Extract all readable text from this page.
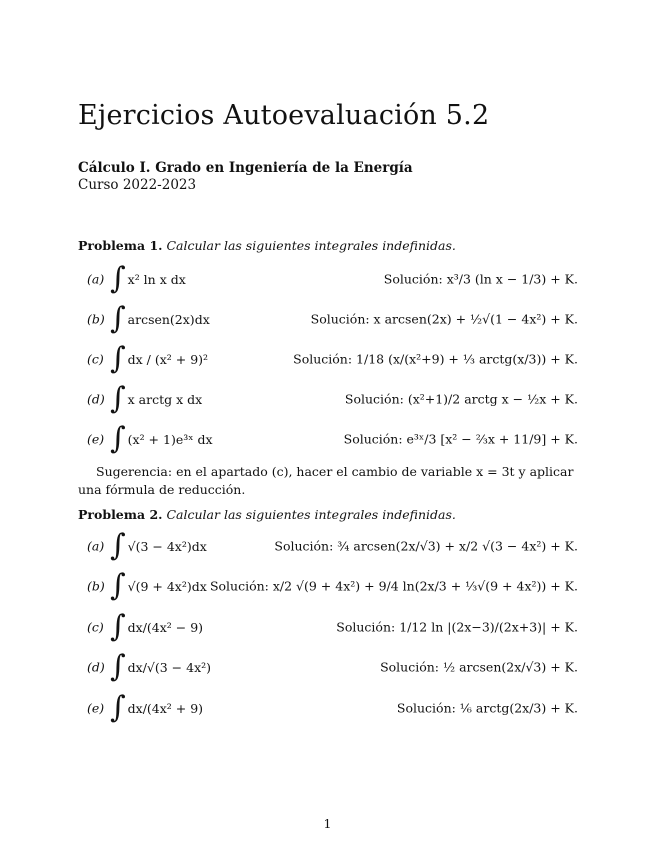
Ejercicios Autoevaluación 5.2
Cálculo I. Grado en Ingeniería de la Energía
Curso 2022-2023
Problema 1. Calcular las siguientes integrales indefinidas.
(a) ∫ x² ln x dx	Solución: x³/3 (ln x − 1/3) + K.
(b) ∫ arcsen(2x)dx	Solución: x arcsen(2x) + ½√(1 − 4x²) + K.
(c) ∫ dx / (x² + 9)²	Solución: 1/18 (x/(x²+9) + ⅓ arctg(x/3)) + K.
(d) ∫ x arctg x dx	Solución: (x²+1)/2 arctg x − ½x + K.
(e) ∫ (x² + 1)e³ˣ dx	Solución: e³ˣ/3 [x² − ⅔x + 11/9] + K.
Sugerencia: en el apartado (c), hacer el cambio de variable x = 3t y aplicar una fórmula de reducción.
Problema 2. Calcular las siguientes integrales indefinidas.
(a) ∫ √(3 − 4x²)dx	Solución: ¾ arcsen(2x/√3) + x/2 √(3 − 4x²) + K.
(b) ∫ √(9 + 4x²)dx Solución: x/2 √(9 + 4x²) + 9/4 ln(2x/3 + ⅓√(9 + 4x²)) + K.
(c) ∫ dx/(4x² − 9)	Solución: 1/12 ln |(2x−3)/(2x+3)| + K.
(d) ∫ dx/√(3 − 4x²)	Solución: ½ arcsen(2x/√3) + K.
(e) ∫ dx/(4x² + 9)	Solución: ⅙ arctg(2x/3) + K.
1
